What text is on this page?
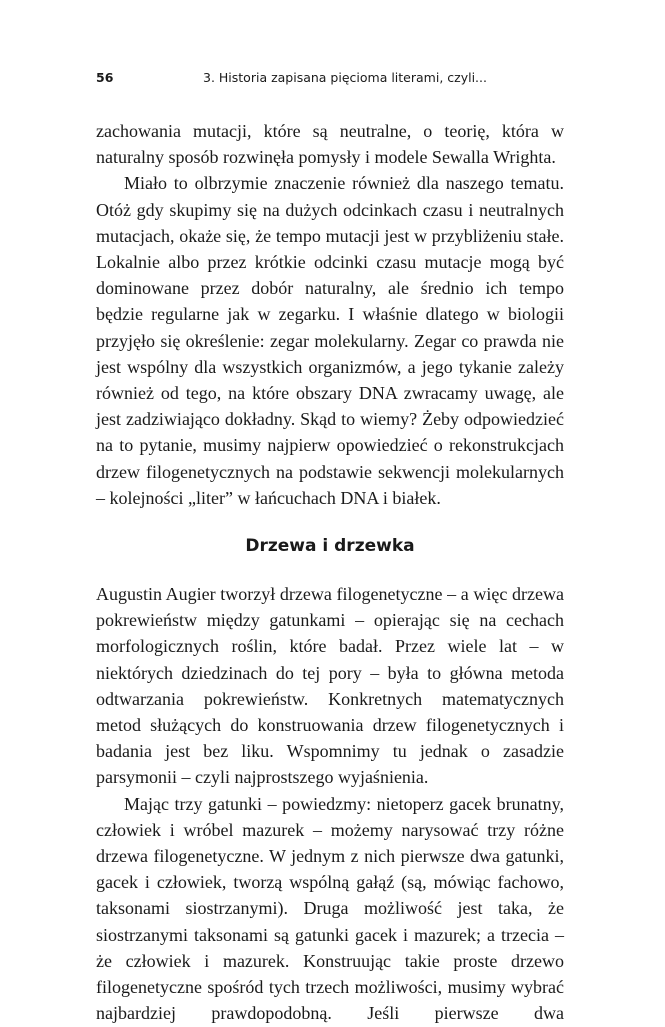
56	3. Historia zapisana pięcioma literami, czyli...

zachowania mutacji, które są neutralne, o teorię, która w naturalny sposób rozwinęła pomysły i modele Sewalla Wrighta.

Miało to olbrzymie znaczenie również dla naszego tematu. Otóż gdy skupimy się na dużych odcinkach czasu i neutralnych mutacjach, okaże się, że tempo mutacji jest w przybliżeniu stałe. Lokalnie albo przez krótkie odcinki czasu mutacje mogą być dominowane przez dobór naturalny, ale średnio ich tempo będzie regularne jak w zegarku. I właśnie dlatego w biologii przyjęło się określenie: zegar molekularny. Zegar co prawda nie jest wspólny dla wszystkich organizmów, a jego tykanie zależy również od tego, na które obszary DNA zwracamy uwagę, ale jest zadziwiająco dokładny. Skąd to wiemy? Żeby odpowiedzieć na to pytanie, musimy najpierw opowiedzieć o rekonstrukcjach drzew filogenetycznych na podstawie sekwencji molekularnych – kolejności „liter” w łańcuchach DNA i białek.

Drzewa i drzewka

Augustin Augier tworzył drzewa filogenetyczne – a więc drzewa pokrewieństw między gatunkami – opierając się na cechach morfologicznych roślin, które badał. Przez wiele lat – w niektórych dziedzinach do tej pory – była to główna metoda odtwarzania pokrewieństw. Konkretnych matematycznych metod służących do konstruowania drzew filogenetycznych i badania jest bez liku. Wspomnimy tu jednak o zasadzie parsymonii – czyli najprostszego wyjaśnienia.

Mając trzy gatunki – powiedzmy: nietoperz gacek brunatny, człowiek i wróbel mazurek – możemy narysować trzy różne drzewa filogenetyczne. W jednym z nich pierwsze dwa gatunki, gacek i człowiek, tworzą wspólną gałąź (są, mówiąc fachowo, taksonami siostrzanymi). Druga możliwość jest taka, że siostrzanymi taksonami są gatunki gacek i mazurek; a trzecia – że człowiek i mazurek. Konstruując takie proste drzewo filogenetyczne spośród tych trzech możliwości, musimy wybrać najbardziej prawdopodobną. Jeśli pierwsze dwa
